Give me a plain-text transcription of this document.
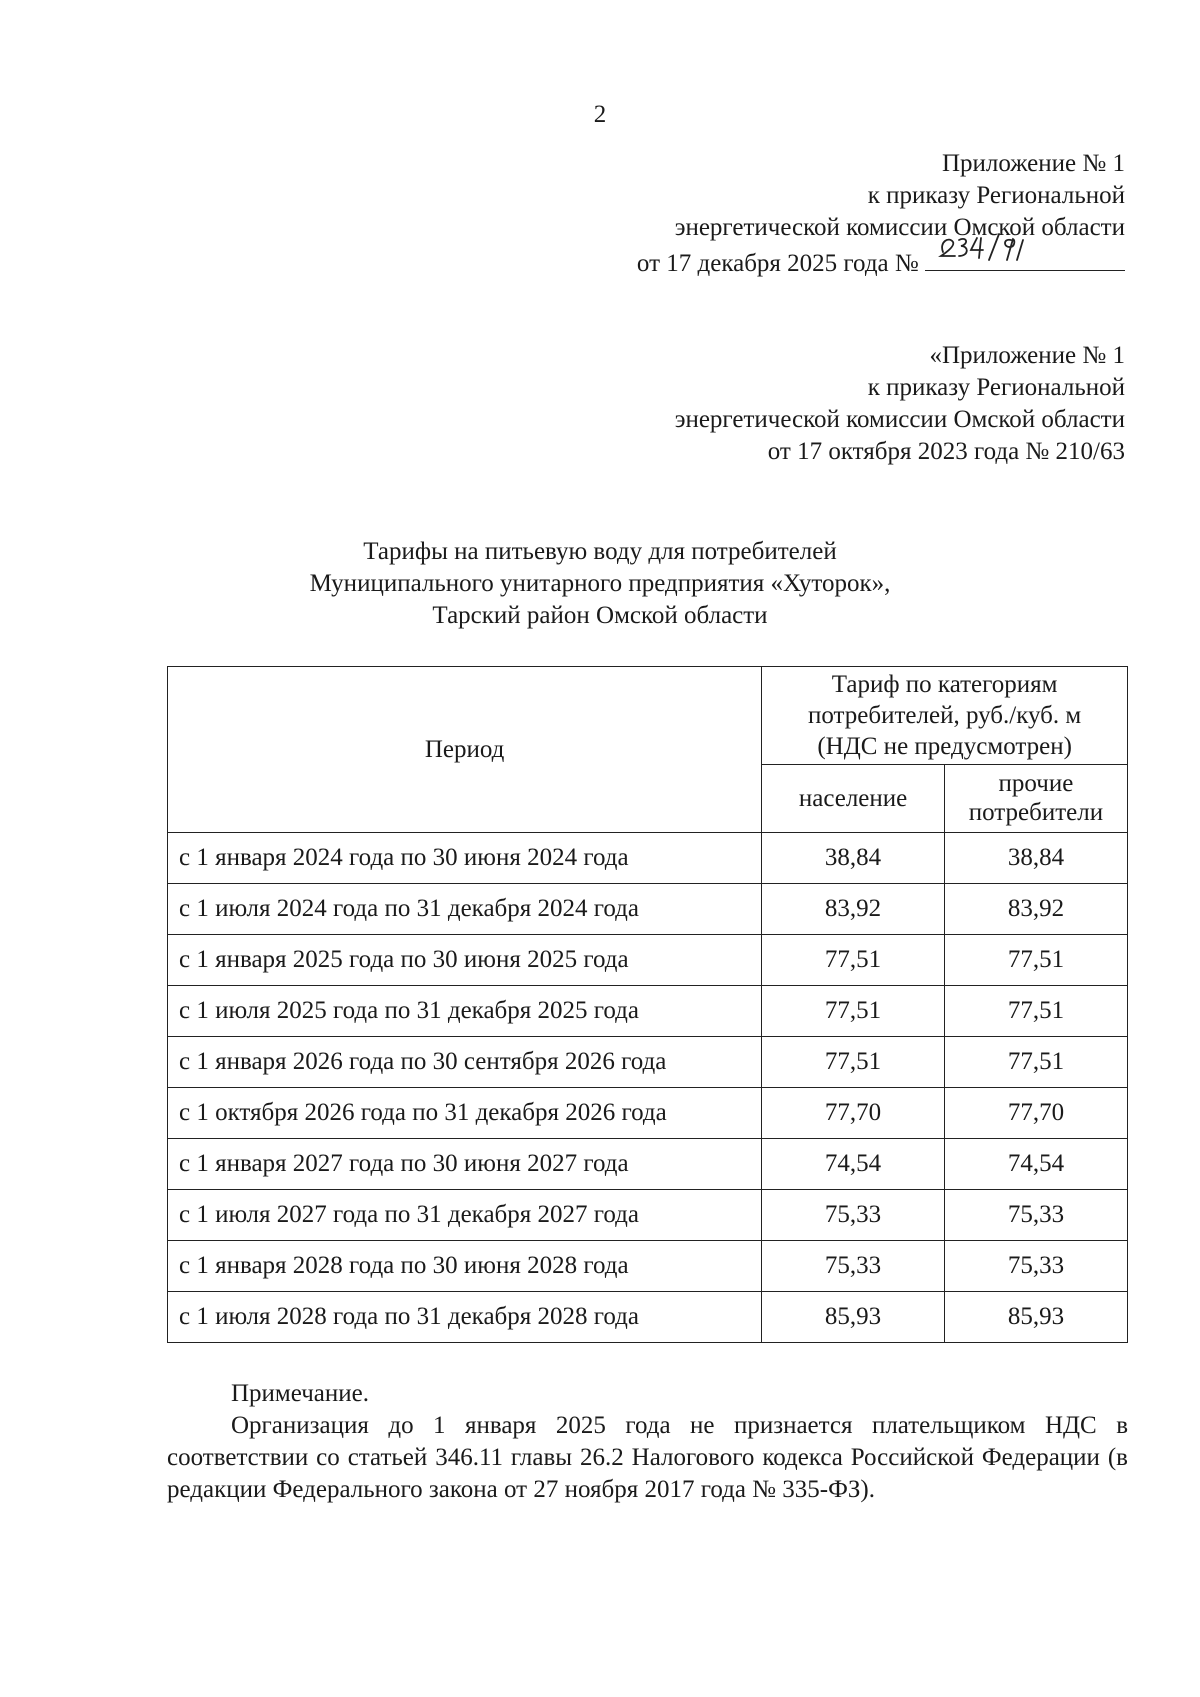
2
Приложение № 1
к приказу Региональной
энергетической комиссии Омской области
от 17 декабря 2025 года №
«Приложение № 1
к приказу Региональной
энергетической комиссии Омской области
от 17 октября 2023 года № 210/63
Тарифы на питьевую воду для потребителей
Муниципального унитарного предприятия «Хуторок»,
Тарский район Омской области
Период	Тариф по категориям
потребителей, руб./куб. м
(НДС не предусмотрен)	

	население	прочие
потребители

с 1 января 2024 года по 30 июня 2024 года	38,84	38,84
с 1 июля 2024 года по 31 декабря 2024 года	83,92	83,92
с 1 января 2025 года по 30 июня 2025 года	77,51	77,51
с 1 июля 2025 года по 31 декабря 2025 года	77,51	77,51
с 1 января 2026 года по 30 сентября 2026 года	77,51	77,51
с 1 октября 2026 года по 31 декабря 2026 года	77,70	77,70
с 1 января 2027 года по 30 июня 2027 года	74,54	74,54
с 1 июля 2027 года по 31 декабря 2027 года	75,33	75,33
с 1 января 2028 года по 30 июня 2028 года	75,33	75,33
с 1 июля 2028 года по 31 декабря 2028 года	85,93	85,93
Примечание.
Организация до 1 января 2025 года не признается плательщиком НДС в соответствии со статьей 346.11 главы 26.2 Налогового кодекса Российской Федерации (в редакции Федерального закона от 27 ноября 2017 года № 335-ФЗ).
